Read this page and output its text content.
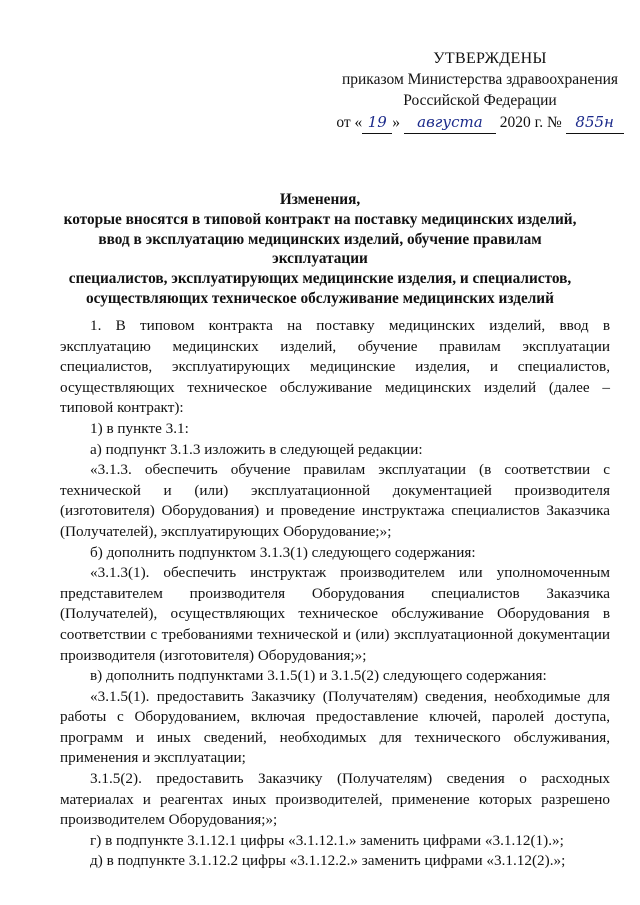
УТВЕРЖДЕНЫ
приказом Министерства здравоохранения
Российской Федерации
от « 19 » августа 2020 г. № 855н
Изменения,
которые вносятся в типовой контракт на поставку медицинских изделий,
ввод в эксплуатацию медицинских изделий, обучение правилам эксплуатации
специалистов, эксплуатирующих медицинские изделия, и специалистов,
осуществляющих техническое обслуживание медицинских изделий

1. В типовом контракта на поставку медицинских изделий, ввод в эксплуатацию медицинских изделий, обучение правилам эксплуатации специалистов, эксплуатирующих медицинские изделия, и специалистов, осуществляющих техническое обслуживание медицинских изделий (далее – типовой контракт):

1) в пункте 3.1:

а) подпункт 3.1.3 изложить в следующей редакции:

«3.1.3. обеспечить обучение правилам эксплуатации (в соответствии с технической и (или) эксплуатационной документацией производителя (изготовителя) Оборудования) и проведение инструктажа специалистов Заказчика (Получателей), эксплуатирующих Оборудование;»;

б) дополнить подпунктом 3.1.3(1) следующего содержания:

«3.1.3(1). обеспечить инструктаж производителем или уполномоченным представителем производителя Оборудования специалистов Заказчика (Получателей), осуществляющих техническое обслуживание Оборудования в соответствии с требованиями технической и (или) эксплуатационной документации производителя (изготовителя) Оборудования;»;

в) дополнить подпунктами 3.1.5(1) и 3.1.5(2) следующего содержания:

«3.1.5(1). предоставить Заказчику (Получателям) сведения, необходимые для работы с Оборудованием, включая предоставление ключей, паролей доступа, программ и иных сведений, необходимых для технического обслуживания, применения и эксплуатации;

3.1.5(2). предоставить Заказчику (Получателям) сведения о расходных материалах и реагентах иных производителей, применение которых разрешено производителем Оборудования;»;

г) в подпункте 3.1.12.1 цифры «3.1.12.1.» заменить цифрами «3.1.12(1).»;

д) в подпункте 3.1.12.2 цифры «3.1.12.2.» заменить цифрами «3.1.12(2).»;
